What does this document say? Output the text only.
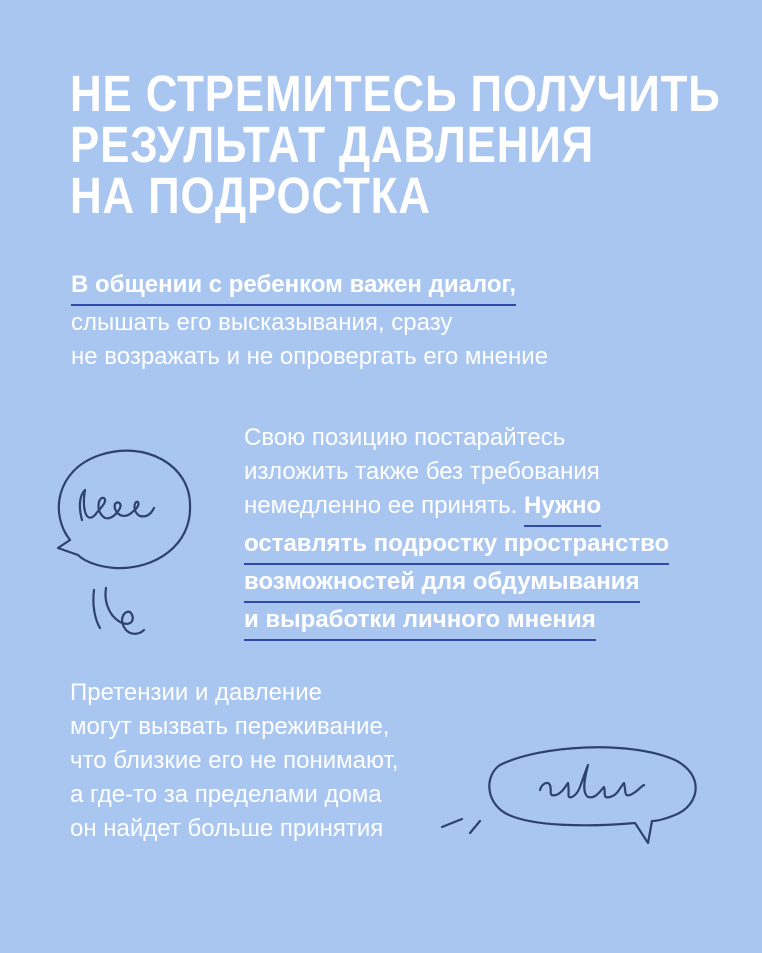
НЕ СТРЕМИТЕСЬ ПОЛУЧИТЬ
РЕЗУЛЬТАТ ДАВЛЕНИЯ
НА ПОДРОСТКА
В общении с ребенком важен диалог,
слышать его высказывания, сразу
не возражать и не опровергать его мнение
Свою позицию постарайтесь
изложить также без требования
немедленно ее принять. Нужно
оставлять подростку пространство
возможностей для обдумывания
и выработки личного мнения
Претензии и давление
могут вызвать переживание,
что близкие его не понимают,
а где-то за пределами дома
он найдет больше принятия
